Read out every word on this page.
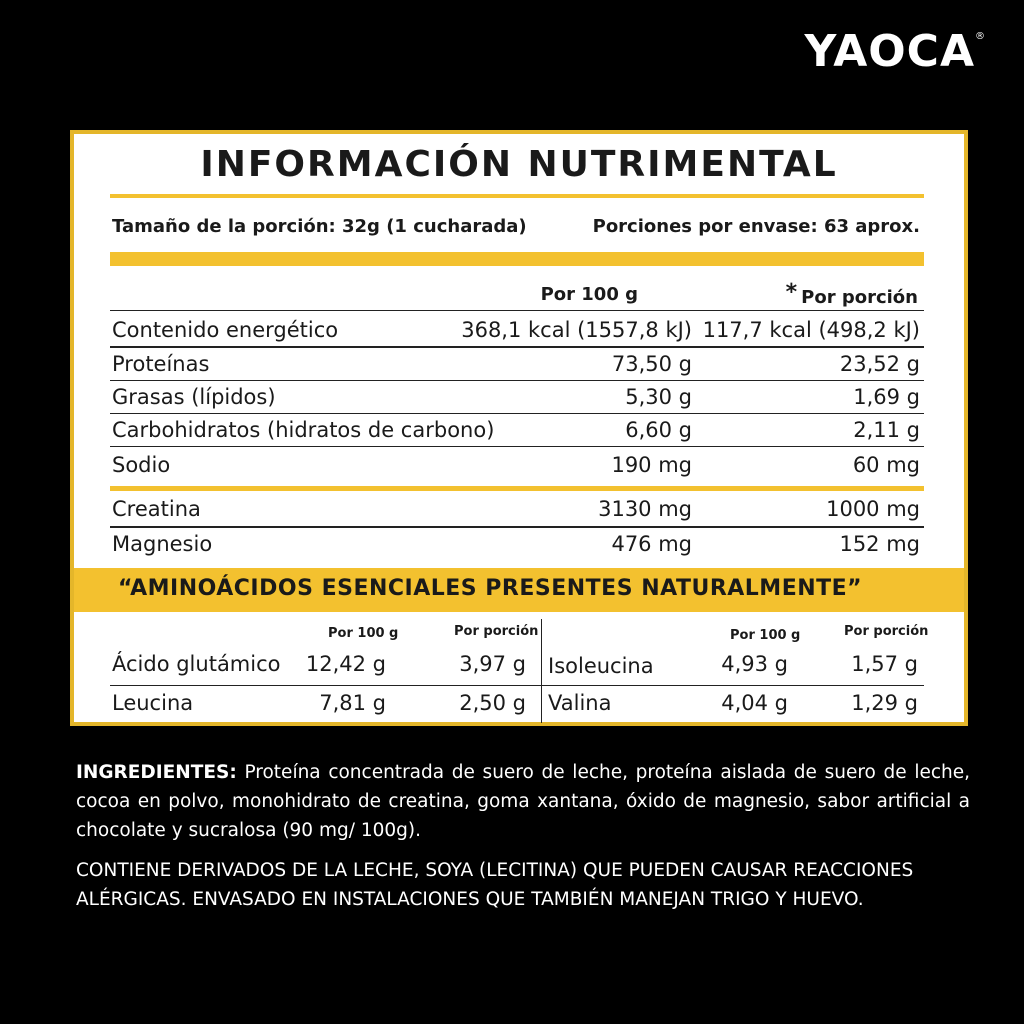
YAOCA®
INFORMACIÓN NUTRIMENTAL
Tamaño de la porción: 32g (1 cucharada)	Porciones por envase: 63 aprox.
Por 100 g	* Por porción
Contenido energético	368,1 kcal (1557,8 kJ) 117,7 kcal (498,2 kJ)
Proteínas	73,50 g	23,52 g
Grasas (lípidos)	5,30 g	1,69 g
Carbohidratos (hidratos de carbono)	6,60 g	2,11 g
Sodio	190 mg	60 mg
Creatina	3130 mg	1000 mg
Magnesio	476 mg	152 mg
“AMINOÁCIDOS ESENCIALES PRESENTES NATURALMENTE”
Por 100 g	Por porción
Ácido glutámico 12,42 g	3,97 g
Leucina	7,81 g	2,50 g
Por 100 g	Por porción
Isoleucina	4,93 g	1,57 g
Valina	4,04 g	1,29 g
INGREDIENTES: Proteína concentrada de suero de leche, proteína aislada de suero de leche, cocoa en polvo, monohidrato de creatina, goma xantana, óxido de magnesio, sabor artificial a chocolate y sucralosa (90 mg/ 100g).
CONTIENE DERIVADOS DE LA LECHE, SOYA (LECITINA) QUE PUEDEN CAUSAR REACCIONES ALÉRGICAS. ENVASADO EN INSTALACIONES QUE TAMBIÉN MANEJAN TRIGO Y HUEVO.
